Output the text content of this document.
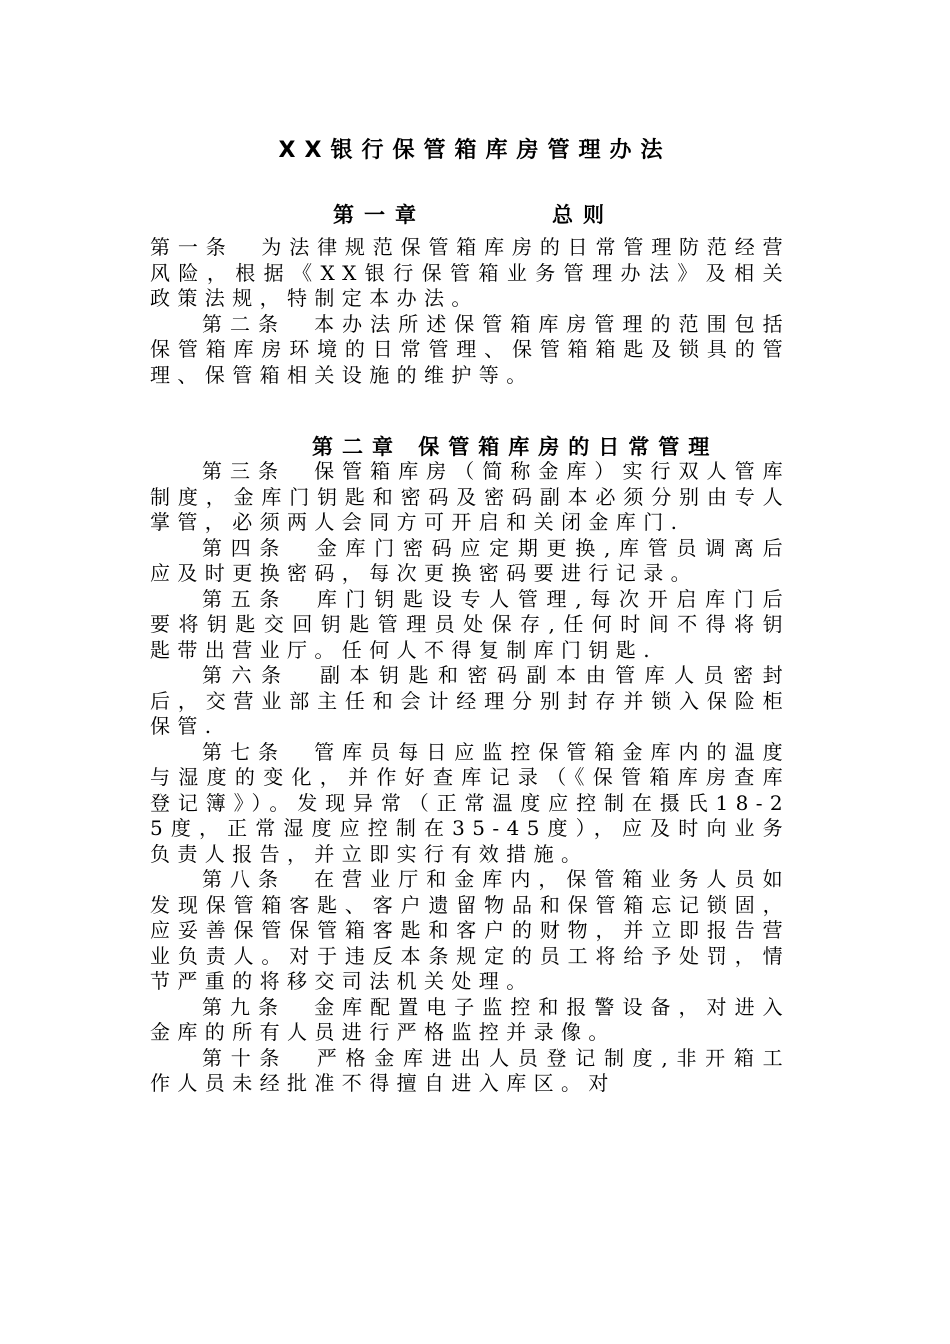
XX银行保管箱库房管理办法
第一章	总则

第一条　为法律规范保管箱库房的日常管理防范经营风险，根据《XX银行保管箱业务管理办法》及相关政策法规，特制定本办法。

第二条　本办法所述保管箱库房管理的范围包括保管箱库房环境的日常管理、保管箱箱匙及锁具的管理、保管箱相关设施的维护等。

第二章 保管箱库房的日常管理

第三条　保管箱库房（简称金库）实行双人管库制度，金库门钥匙和密码及密码副本必须分别由专人掌管，必须两人会同方可开启和关闭金库门.

第四条　金库门密码应定期更换,库管员调离后应及时更换密码，每次更换密码要进行记录。

第五条　库门钥匙设专人管理,每次开启库门后要将钥匙交回钥匙管理员处保存,任何时间不得将钥匙带出营业厅。任何人不得复制库门钥匙.

第六条　副本钥匙和密码副本由管库人员密封后，交营业部主任和会计经理分别封存并锁入保险柜保管.

第七条　管库员每日应监控保管箱金库内的温度与湿度的变化，并作好查库记录（《保管箱库房查库登记簿》）。发现异常（正常温度应控制在摄氏18-25度，正常湿度应控制在35-45度），应及时向业务负责人报告，并立即实行有效措施。

第八条　在营业厅和金库内，保管箱业务人员如发现保管箱客匙、客户遗留物品和保管箱忘记锁固，应妥善保管保管箱客匙和客户的财物，并立即报告营业负责人。对于违反本条规定的员工将给予处罚，情节严重的将移交司法机关处理。

第九条　金库配置电子监控和报警设备，对进入金库的所有人员进行严格监控并录像。

第十条　严格金库进出人员登记制度,非开箱工作人员未经批准不得擅自进入库区。对
